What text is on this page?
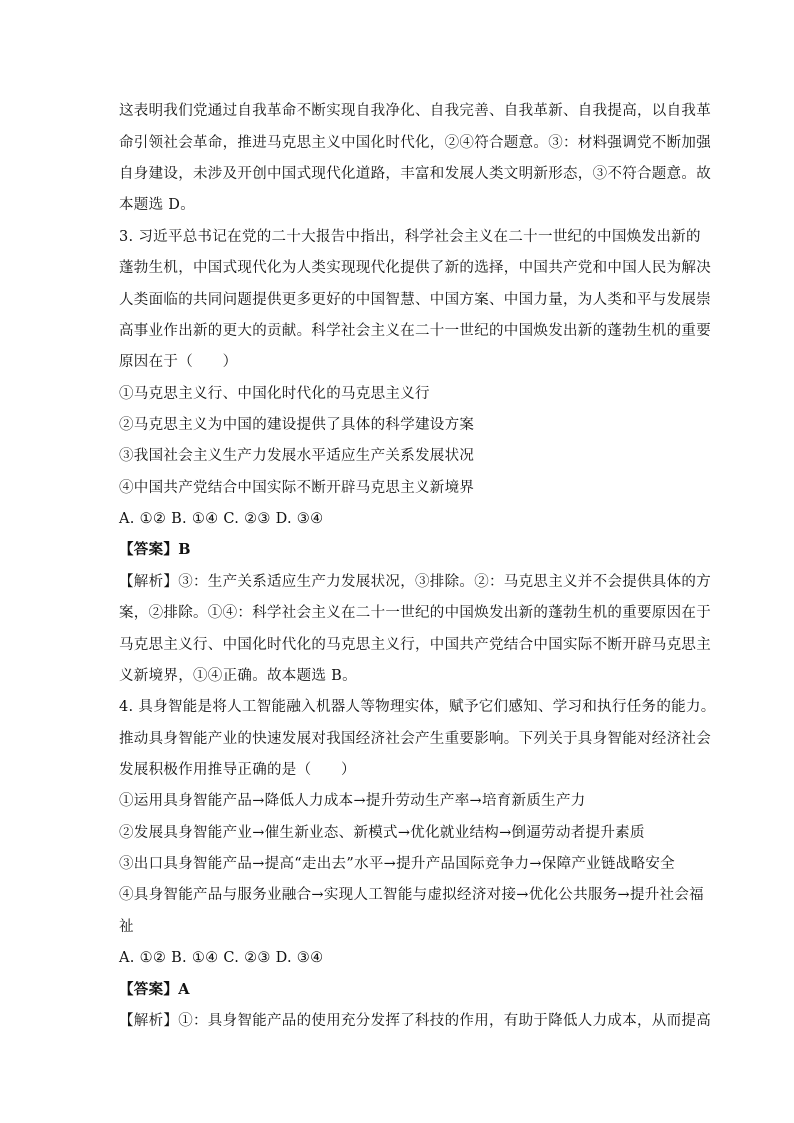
这表明我们党通过自我革命不断实现自我净化、自我完善、自我革新、自我提高，以自我革
命引领社会革命，推进马克思主义中国化时代化，②④符合题意。③：材料强调党不断加强
自身建设，未涉及开创中国式现代化道路，丰富和发展人类文明新形态，③不符合题意。故
本题选 D。
3. 习近平总书记在党的二十大报告中指出，科学社会主义在二十一世纪的中国焕发出新的
蓬勃生机，中国式现代化为人类实现现代化提供了新的选择，中国共产党和中国人民为解决
人类面临的共同问题提供更多更好的中国智慧、中国方案、中国力量，为人类和平与发展崇
高事业作出新的更大的贡献。科学社会主义在二十一世纪的中国焕发出新的蓬勃生机的重要
原因在于（　　）
①马克思主义行、中国化时代化的马克思主义行
②马克思主义为中国的建设提供了具体的科学建设方案
③我国社会主义生产力发展水平适应生产关系发展状况
④中国共产党结合中国实际不断开辟马克思主义新境界
A. ①② B. ①④ C. ②③ D. ③④
【答案】B
【解析】③：生产关系适应生产力发展状况，③排除。②：马克思主义并不会提供具体的方
案，②排除。①④：科学社会主义在二十一世纪的中国焕发出新的蓬勃生机的重要原因在于
马克思主义行、中国化时代化的马克思主义行，中国共产党结合中国实际不断开辟马克思主
义新境界，①④正确。故本题选 B。
4. 具身智能是将人工智能融入机器人等物理实体，赋予它们感知、学习和执行任务的能力。
推动具身智能产业的快速发展对我国经济社会产生重要影响。下列关于具身智能对经济社会
发展积极作用推导正确的是（　　）
①运用具身智能产品→降低人力成本→提升劳动生产率→培育新质生产力
②发展具身智能产业→催生新业态、新模式→优化就业结构→倒逼劳动者提升素质
③出口具身智能产品→提高“走出去”水平→提升产品国际竞争力→保障产业链战略安全
④具身智能产品与服务业融合→实现人工智能与虚拟经济对接→优化公共服务→提升社会福
祉
A. ①② B. ①④ C. ②③ D. ③④
【答案】A
【解析】①：具身智能产品的使用充分发挥了科技的作用，有助于降低人力成本，从而提高
